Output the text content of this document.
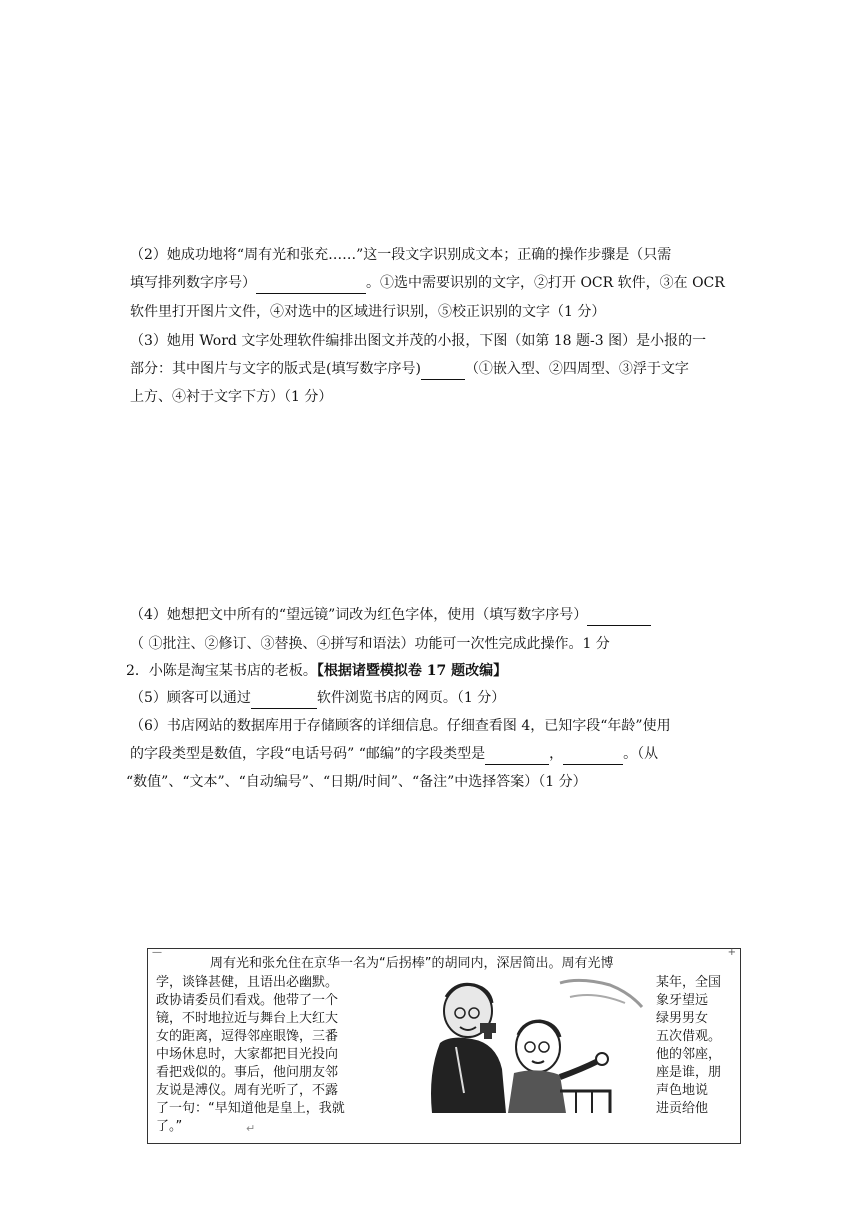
（2）她成功地将“周有光和张充……”这一段文字识别成文本；正确的操作步骤是（只需
填写排列数字序号）	。①选中需要识别的文字，②打开 OCR 软件，③在 OCR
软件里打开图片文件，④对选中的区域进行识别，⑤校正识别的文字（1 分）
（3）她用 Word 文字处理软件编排出图文并茂的小报，下图（如第 18 题-3 图）是小报的一
部分：其中图片与文字的版式是(填写数字序号)	（①嵌入型、②四周型、③浮于文字
上方、④衬于文字下方）（1 分）
（4）她想把文中所有的“望远镜”词改为红色字体，使用（填写数字序号）
（ ①批注、②修订、③替换、④拼写和语法）功能可一次性完成此操作。1 分
2．小陈是淘宝某书店的老板。【根据诸暨模拟卷 17 题改编】
（5）顾客可以通过	软件浏览书店的网页。（1 分）
（6）书店网站的数据库用于存储顾客的详细信息。仔细查看图 4，已知字段“年龄”使用
的字段类型是数值，字段“电话号码” “邮编”的字段类型是	，	。（从
“数值”、“文本”、“自动编号”、“日期/时间”、“备注”中选择答案）（1 分）
—	+
周有光和张允住在京华一名为“后拐棒”的胡同内，深居简出。周有光博
学，谈锋甚健，且语出必幽默。
政协请委员们看戏。他带了一个
镜，不时地拉近与舞台上大红大
女的距离，逗得邻座眼馋，三番
中场休息时，大家都把目光投向
看把戏似的。事后，他问朋友邻
友说是溥仪。周有光听了，不露
了一句：“早知道他是皇上，我就
了。”	↵
某年，全国
象牙望远
绿男男女
五次借观。
他的邻座，
座是谁，朋
声色地说
进贡给他
